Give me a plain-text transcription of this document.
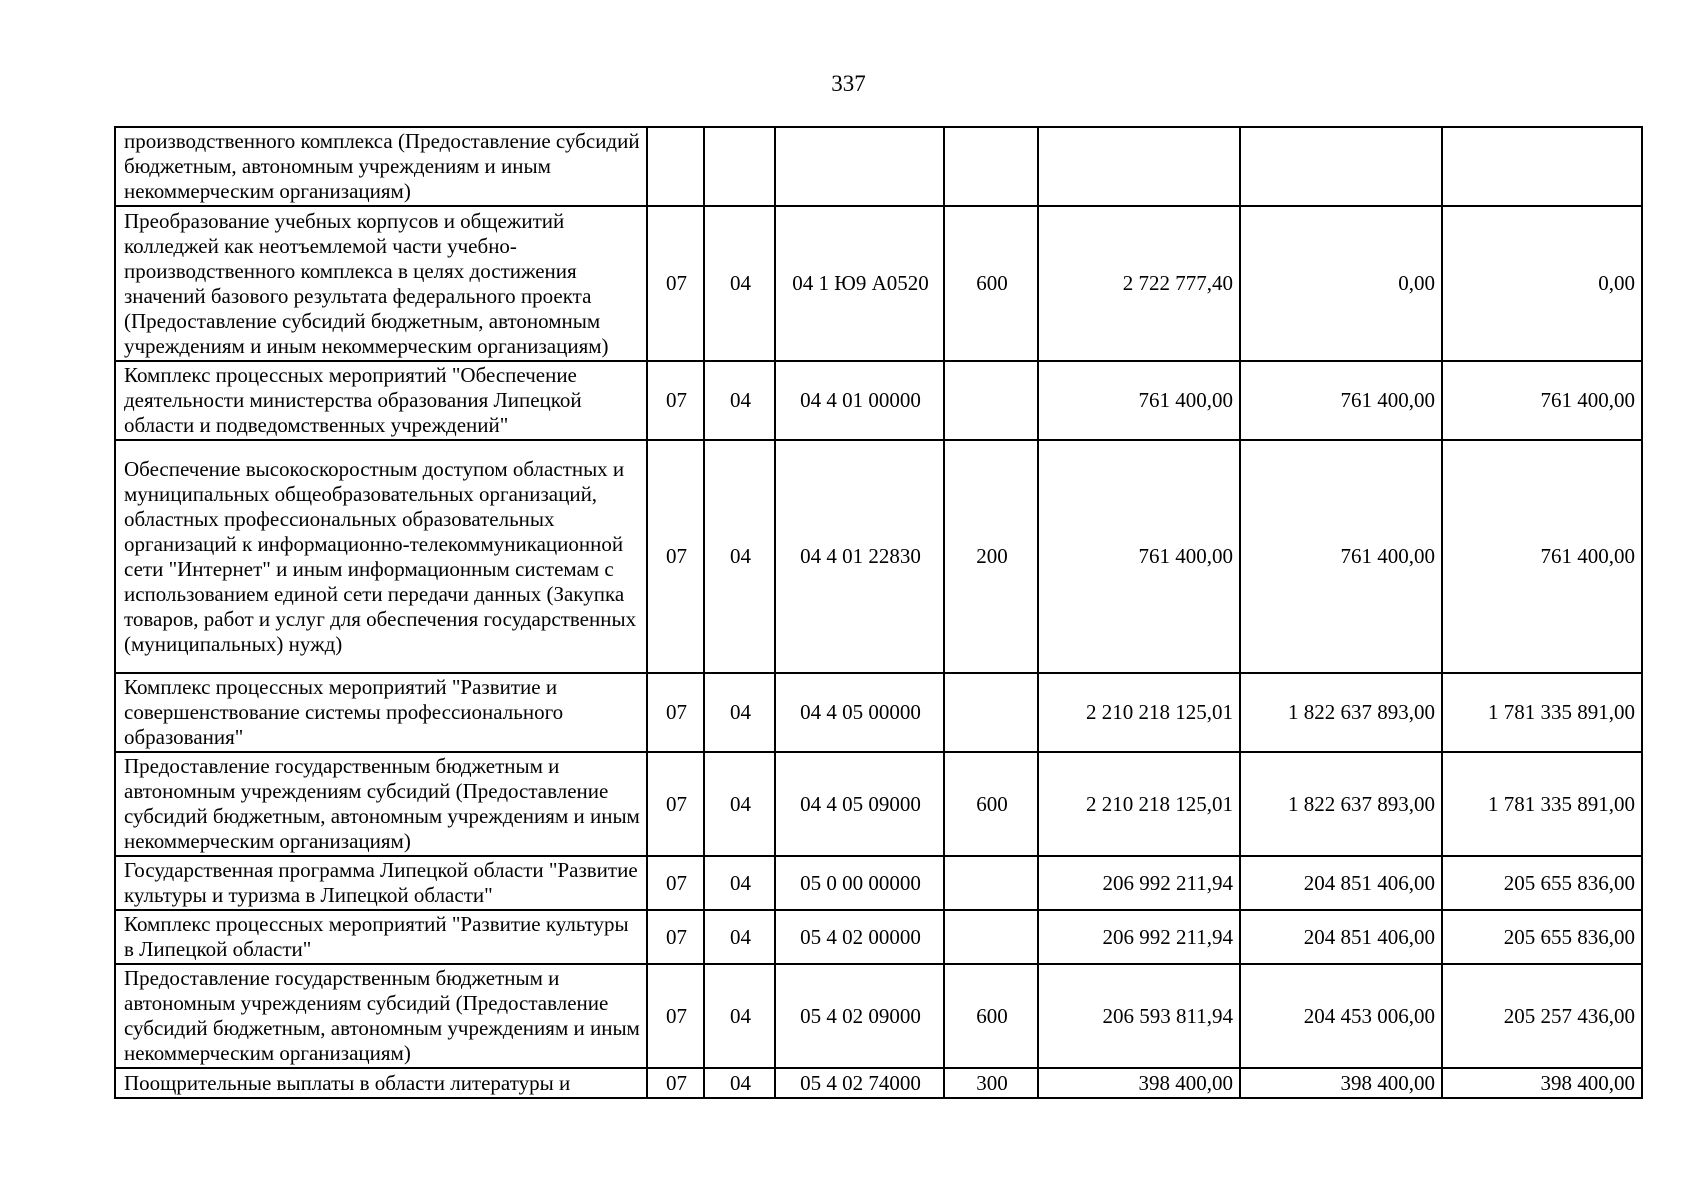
337
производственного комплекса (Предоставление субсидий бюджетным, автономным учреждениям и иным некоммерческим организациям)							
Преобразование учебных корпусов и общежитий колледжей как неотъемлемой части учебно-производственного комплекса в целях достижения значений базового результата федерального проекта (Предоставление субсидий бюджетным, автономным учреждениям и иным некоммерческим организациям)	07	04	04 1 Ю9 A0520	600	2 722 777,40	0,00	0,00
Комплекс процессных мероприятий "Обеспечение деятельности министерства образования Липецкой области и подведомственных учреждений"	07	04	04 4 01 00000		761 400,00	761 400,00	761 400,00
Обеспечение высокоскоростным доступом областных и муниципальных общеобразовательных организаций, областных профессиональных образовательных организаций к информационно-телекоммуникационной сети "Интернет" и иным информационным системам с использованием единой сети передачи данных (Закупка товаров, работ и услуг для обеспечения государственных (муниципальных) нужд)	07	04	04 4 01 22830	200	761 400,00	761 400,00	761 400,00
Комплекс процессных мероприятий "Развитие и совершенствование системы профессионального образования"	07	04	04 4 05 00000		2 210 218 125,01	1 822 637 893,00	1 781 335 891,00
Предоставление государственным бюджетным и автономным учреждениям субсидий (Предоставление субсидий бюджетным, автономным учреждениям и иным некоммерческим организациям)	07	04	04 4 05 09000	600	2 210 218 125,01	1 822 637 893,00	1 781 335 891,00
Государственная программа Липецкой области "Развитие культуры и туризма в Липецкой области"	07	04	05 0 00 00000		206 992 211,94	204 851 406,00	205 655 836,00
Комплекс процессных мероприятий "Развитие культуры в Липецкой области"	07	04	05 4 02 00000		206 992 211,94	204 851 406,00	205 655 836,00
Предоставление государственным бюджетным и автономным учреждениям субсидий (Предоставление субсидий бюджетным, автономным учреждениям и иным некоммерческим организациям)	07	04	05 4 02 09000	600	206 593 811,94	204 453 006,00	205 257 436,00
Поощрительные выплаты в области литературы и	07	04	05 4 02 74000	300	398 400,00	398 400,00	398 400,00
